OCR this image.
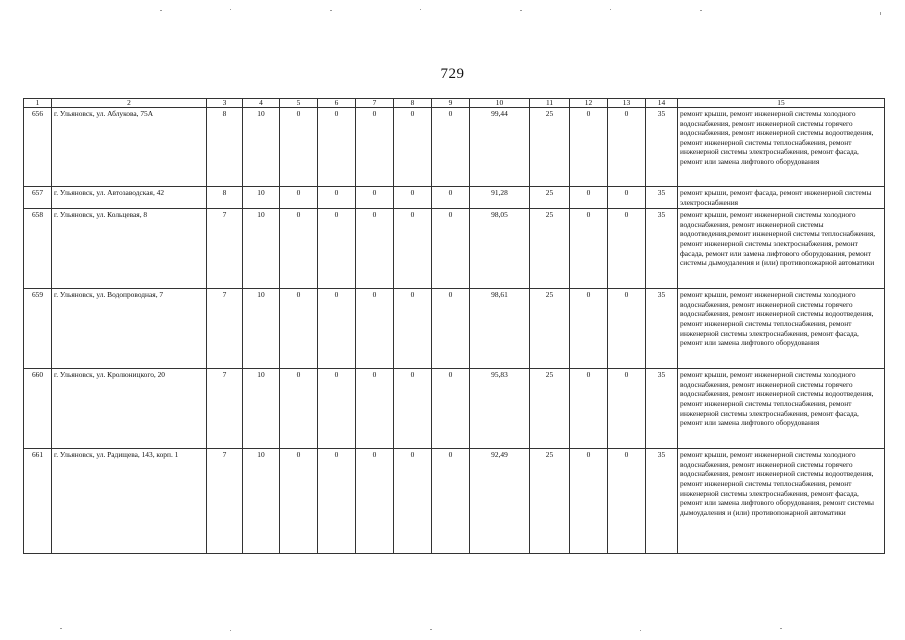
729
1	2	3	4	5	6	7	8	9	10	11	12	13	14	15
656	г. Ульяновск, ул. Аблукова, 75А	8	10	0	0	0	0	0	99,44	25	0	0	35	ремонт крыши, ремонт инженерной системы холодного водоснабжения, ремонт инженерной системы горячего водоснабжения, ремонт инженерной системы водоотведения, ремонт инженерной системы теплоснабжения, ремонт инженерной системы электроснабжения, ремонт фасада, ремонт или замена лифтового оборудования
657	г. Ульяновск, ул. Автозаводская, 42	8	10	0	0	0	0	0	91,28	25	0	0	35	ремонт крыши, ремонт фасада, ремонт инженерной системы электроснабжения
658	г. Ульяновск, ул. Кольцевая, 8	7	10	0	0	0	0	0	98,05	25	0	0	35	ремонт крыши, ремонт инженерной системы холодного водоснабжения, ремонт инженерной системы водоотведения,ремонт инженерной системы теплоснабжения, ремонт инженерной системы электроснабжения, ремонт фасада, ремонт или замена лифтового оборудования, ремонт системы дымоудаления и (или) противопожарной автоматики
659	г. Ульяновск, ул. Водопроводная, 7	7	10	0	0	0	0	0	98,61	25	0	0	35	ремонт крыши, ремонт инженерной системы холодного водоснабжения, ремонт инженерной системы горячего водоснабжения, ремонт инженерной системы водоотведения, ремонт инженерной системы теплоснабжения, ремонт инженерной системы электроснабжения, ремонт фасада, ремонт или замена лифтового оборудования
660	г. Ульяновск, ул. Кролюницкого, 20	7	10	0	0	0	0	0	95,83	25	0	0	35	ремонт крыши, ремонт инженерной системы холодного водоснабжения, ремонт инженерной системы горячего водоснабжения, ремонт инженерной системы водоотведения, ремонт инженерной системы теплоснабжения, ремонт инженерной системы электроснабжения, ремонт фасада, ремонт или замена лифтового оборудования
661	г. Ульяновск, ул. Радищева, 143, корп. 1	7	10	0	0	0	0	0	92,49	25	0	0	35	ремонт крыши, ремонт инженерной системы холодного водоснабжения, ремонт инженерной системы горячего водоснабжения, ремонт инженерной системы водоотведения, ремонт инженерной системы теплоснабжения, ремонт инженерной системы электроснабжения, ремонт фасада, ремонт или замена лифтового оборудования, ремонт системы дымоудаления и (или) противопожарной автоматики
